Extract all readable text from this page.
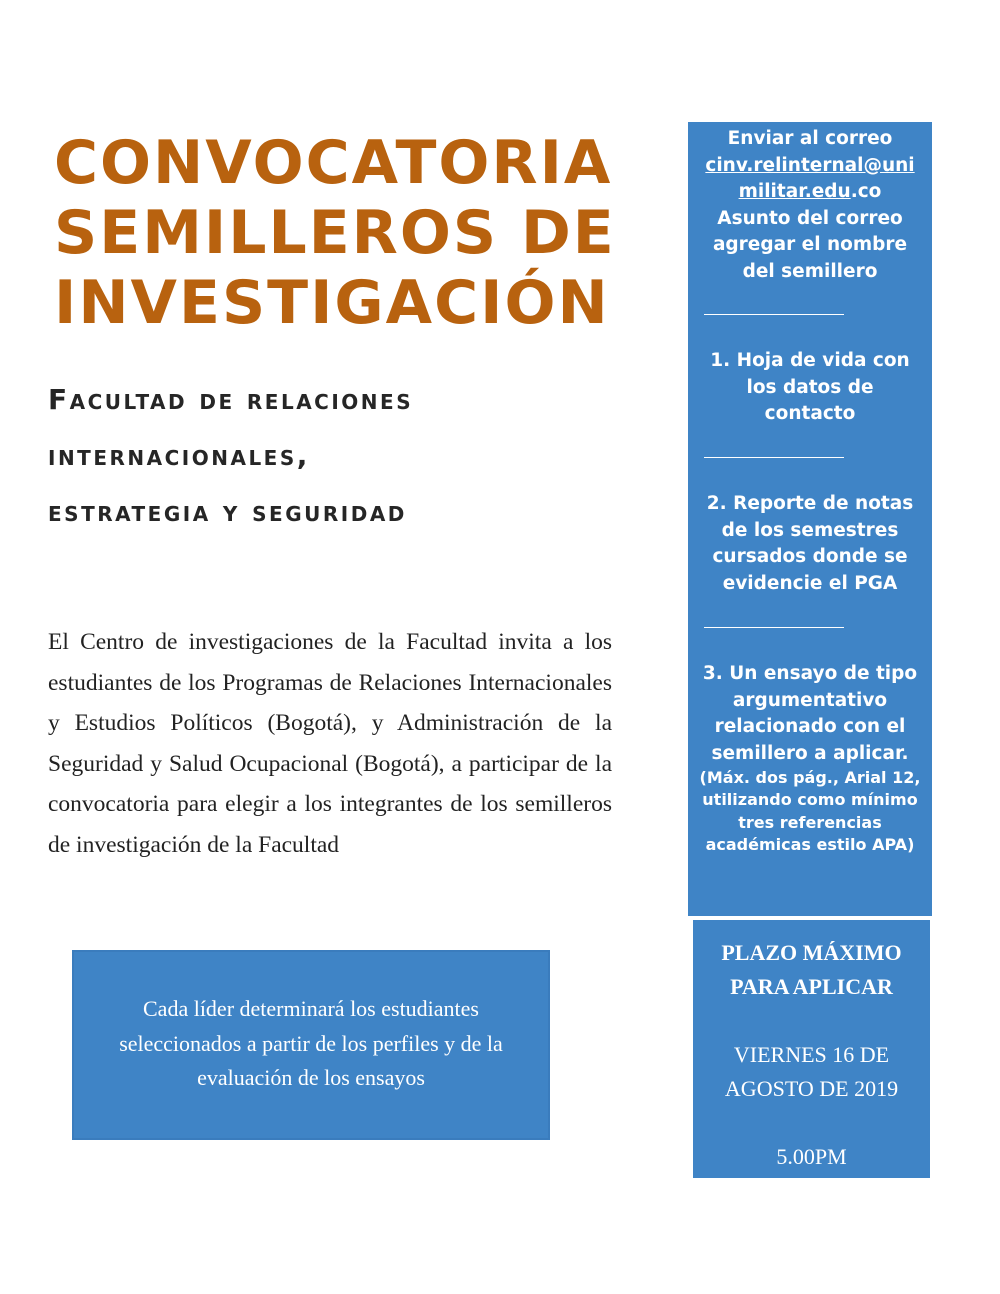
CONVOCATORIA
SEMILLEROS DE
INVESTIGACIÓN
Facultad de relaciones
internacionales,
estrategia y seguridad
El Centro de investigaciones de la Facultad invita a los estudiantes de los Programas de Relaciones Internacionales y Estudios Políticos (Bogotá), y Administración de la Seguridad y Salud Ocupacional (Bogotá), a participar de la convocatoria para elegir a los integrantes de los semilleros de investigación de la Facultad
Cada líder determinará los estudiantes seleccionados a partir de los perfiles y de la evaluación de los ensayos
Enviar al correo
cinv.relinternal@uni
militar.edu.co
Asunto del correo agregar el nombre del semillero
1. Hoja de vida con los datos de contacto
2. Reporte de notas de los semestres cursados donde se evidencie el PGA
3. Un ensayo de tipo argumentativo relacionado con el semillero a aplicar.
(Máx. dos pág., Arial 12, utilizando como mínimo tres referencias académicas estilo APA)
PLAZO MÁXIMO
PARA APLICAR
VIERNES 16 DE
AGOSTO DE 2019
5.00PM
